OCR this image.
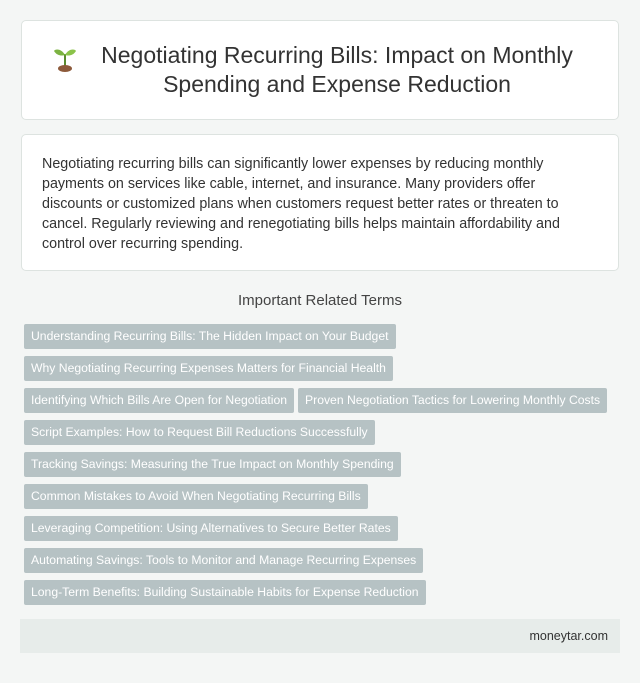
Negotiating Recurring Bills: Impact on Monthly Spending and Expense Reduction

Negotiating recurring bills can significantly lower expenses by reducing monthly payments on services like cable, internet, and insurance. Many providers offer discounts or customized plans when customers request better rates or threaten to cancel. Regularly reviewing and renegotiating bills helps maintain affordability and control over recurring spending.

Important Related Terms
Understanding Recurring Bills: The Hidden Impact on Your Budget
Why Negotiating Recurring Expenses Matters for Financial Health
Identifying Which Bills Are Open for Negotiation	Proven Negotiation Tactics for Lowering Monthly Costs
Script Examples: How to Request Bill Reductions Successfully
Tracking Savings: Measuring the True Impact on Monthly Spending
Common Mistakes to Avoid When Negotiating Recurring Bills
Leveraging Competition: Using Alternatives to Secure Better Rates
Automating Savings: Tools to Monitor and Manage Recurring Expenses
Long-Term Benefits: Building Sustainable Habits for Expense Reduction
moneytar.com
